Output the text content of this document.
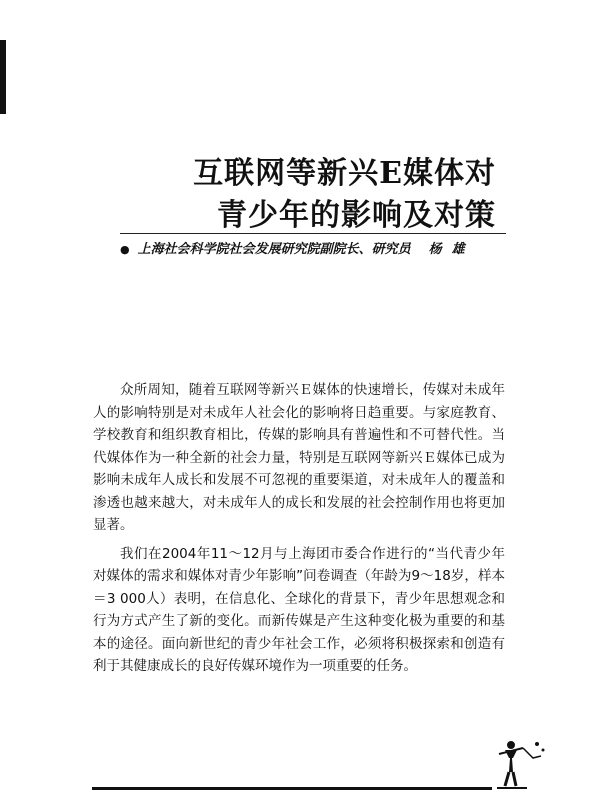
互联网等新兴E媒体对
青少年的影响及对策
● 上海社会科学院社会发展研究院副院长、研究员 杨雄

众所周知，随着互联网等新兴Ｅ媒体的快速增长，传媒对未成年人的影响特别是对未成年人社会化的影响将日趋重要。与家庭教育、学校教育和组织教育相比，传媒的影响具有普遍性和不可替代性。当代媒体作为一种全新的社会力量，特别是互联网等新兴Ｅ媒体已成为影响未成年人成长和发展不可忽视的重要渠道，对未成年人的覆盖和渗透也越来越大，对未成年人的成长和发展的社会控制作用也将更加显著。

我们在2004年11～12月与上海团市委合作进行的“当代青少年对媒体的需求和媒体对青少年影响”问卷调查（年龄为9～18岁，样本＝3 000人）表明，在信息化、全球化的背景下，青少年思想观念和行为方式产生了新的变化。而新传媒是产生这种变化极为重要的和基本的途径。面向新世纪的青少年社会工作，必须将积极探索和创造有利于其健康成长的良好传媒环境作为一项重要的任务。
